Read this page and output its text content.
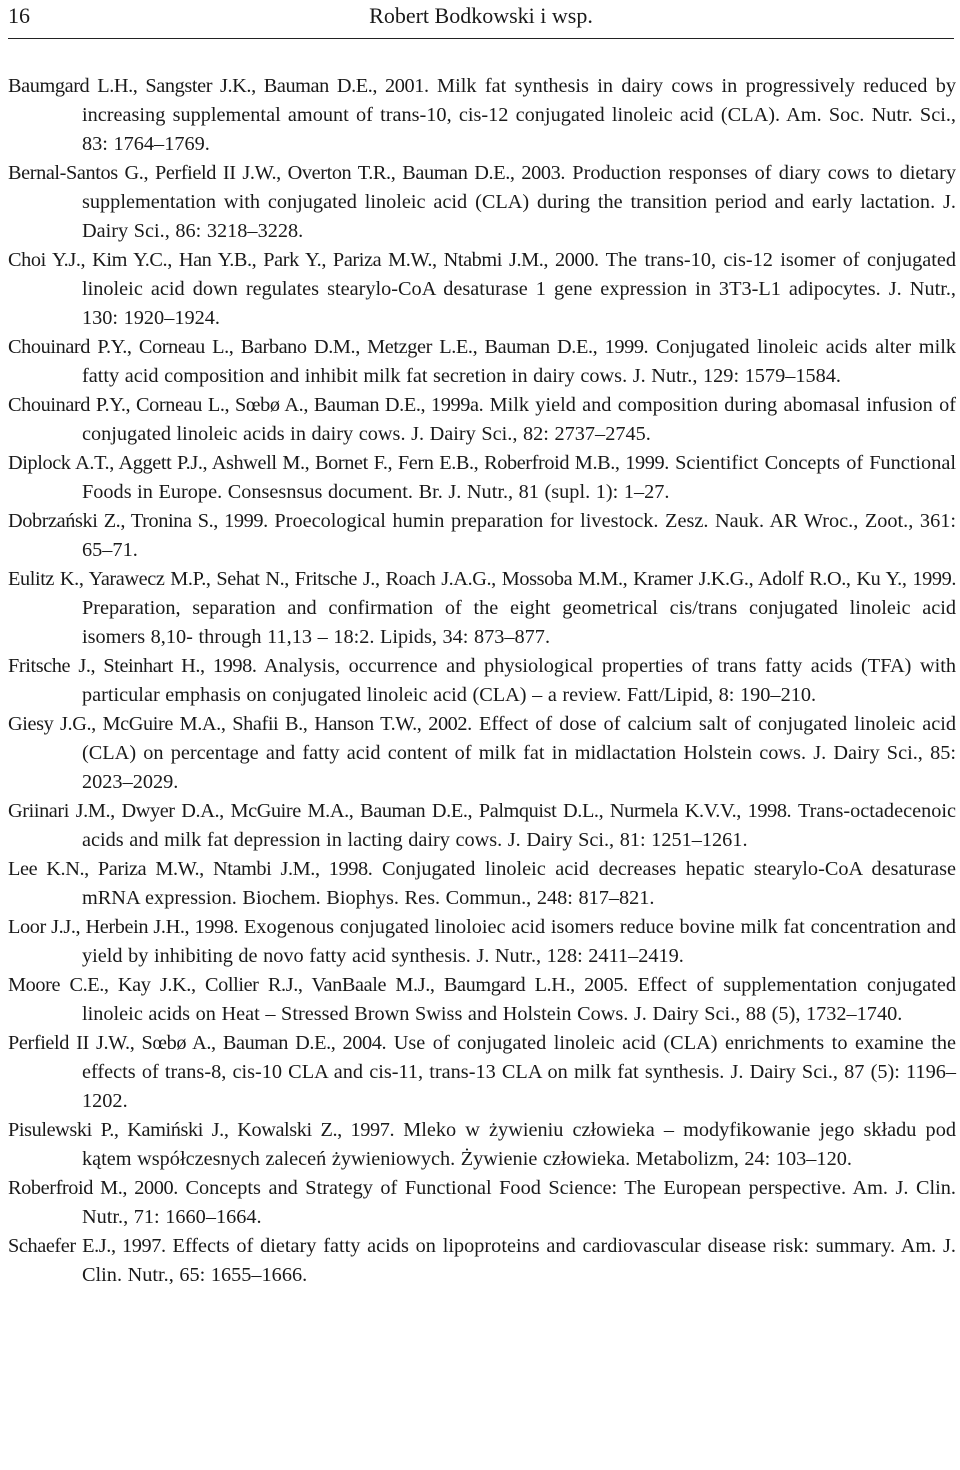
16	Robert Bodkowski i wsp.

Baumgard L.H., Sangster J.K., Bauman D.E., 2001. Milk fat synthesis in dairy cows in progressively reduced by increasing supplemental amount of trans-10, cis-12 conjugated linoleic acid (CLA). Am. Soc. Nutr. Sci., 83: 1764–1769.

Bernal-Santos G., Perfield II J.W., Overton T.R., Bauman D.E., 2003. Production responses of diary cows to dietary supplementation with conjugated linoleic acid (CLA) during the transition period and early lactation. J. Dairy Sci., 86: 3218–3228.

Choi Y.J., Kim Y.C., Han Y.B., Park Y., Pariza M.W., Ntabmi J.M., 2000. The trans-10, cis-12 isomer of conjugated linoleic acid down regulates stearylo-CoA desaturase 1 gene expression in 3T3-L1 adipocytes. J. Nutr., 130: 1920–1924.

Chouinard P.Y., Corneau L., Barbano D.M., Metzger L.E., Bauman D.E., 1999. Conjugated linoleic acids alter milk fatty acid composition and inhibit milk fat secretion in dairy cows. J. Nutr., 129: 1579–1584.

Chouinard P.Y., Corneau L., Sœbø A., Bauman D.E., 1999a. Milk yield and composition during abomasal infusion of conjugated linoleic acids in dairy cows. J. Dairy Sci., 82: 2737–2745.

Diplock A.T., Aggett P.J., Ashwell M., Bornet F., Fern E.B., Roberfroid M.B., 1999. Scientifict Concepts of Functional Foods in Europe. Consesnsus document. Br. J. Nutr., 81 (supl. 1): 1–27.

Dobrzański Z., Tronina S., 1999. Proecological humin preparation for livestock. Zesz. Nauk. AR Wroc., Zoot., 361: 65–71.

Eulitz K., Yarawecz M.P., Sehat N., Fritsche J., Roach J.A.G., Mossoba M.M., Kramer J.K.G., Adolf R.O., Ku Y., 1999. Preparation, separation and confirmation of the eight geometrical cis/trans conjugated linoleic acid isomers 8,10- through 11,13 – 18:2. Lipids, 34: 873–877.

Fritsche J., Steinhart H., 1998. Analysis, occurrence and physiological properties of trans fatty acids (TFA) with particular emphasis on conjugated linoleic acid (CLA) – a review. Fatt/Lipid, 8: 190–210.

Giesy J.G., McGuire M.A., Shafii B., Hanson T.W., 2002. Effect of dose of calcium salt of conjugated linoleic acid (CLA) on percentage and fatty acid content of milk fat in midlactation Holstein cows. J. Dairy Sci., 85: 2023–2029.

Griinari J.M., Dwyer D.A., McGuire M.A., Bauman D.E., Palmquist D.L., Nurmela K.V.V., 1998. Trans-octadecenoic acids and milk fat depression in lacting dairy cows. J. Dairy Sci., 81: 1251–1261.

Lee K.N., Pariza M.W., Ntambi J.M., 1998. Conjugated linoleic acid decreases hepatic stearylo-CoA desaturase mRNA expression. Biochem. Biophys. Res. Commun., 248: 817–821.

Loor J.J., Herbein J.H., 1998. Exogenous conjugated linoloiec acid isomers reduce bovine milk fat concentration and yield by inhibiting de novo fatty acid synthesis. J. Nutr., 128: 2411–2419.

Moore C.E., Kay J.K., Collier R.J., VanBaale M.J., Baumgard L.H., 2005. Effect of supplementation conjugated linoleic acids on Heat – Stressed Brown Swiss and Holstein Cows. J. Dairy Sci., 88 (5), 1732–1740.

Perfield II J.W., Sœbø A., Bauman D.E., 2004. Use of conjugated linoleic acid (CLA) enrichments to examine the effects of trans-8, cis-10 CLA and cis-11, trans-13 CLA on milk fat synthesis. J. Dairy Sci., 87 (5): 1196–1202.

Pisulewski P., Kamiński J., Kowalski Z., 1997. Mleko w żywieniu człowieka – modyfikowanie jego składu pod kątem współczesnych zaleceń żywieniowych. Żywienie człowieka. Metabolizm, 24: 103–120.

Roberfroid M., 2000. Concepts and Strategy of Functional Food Science: The European perspective. Am. J. Clin. Nutr., 71: 1660–1664.

Schaefer E.J., 1997. Effects of dietary fatty acids on lipoproteins and cardiovascular disease risk: summary. Am. J. Clin. Nutr., 65: 1655–1666.
